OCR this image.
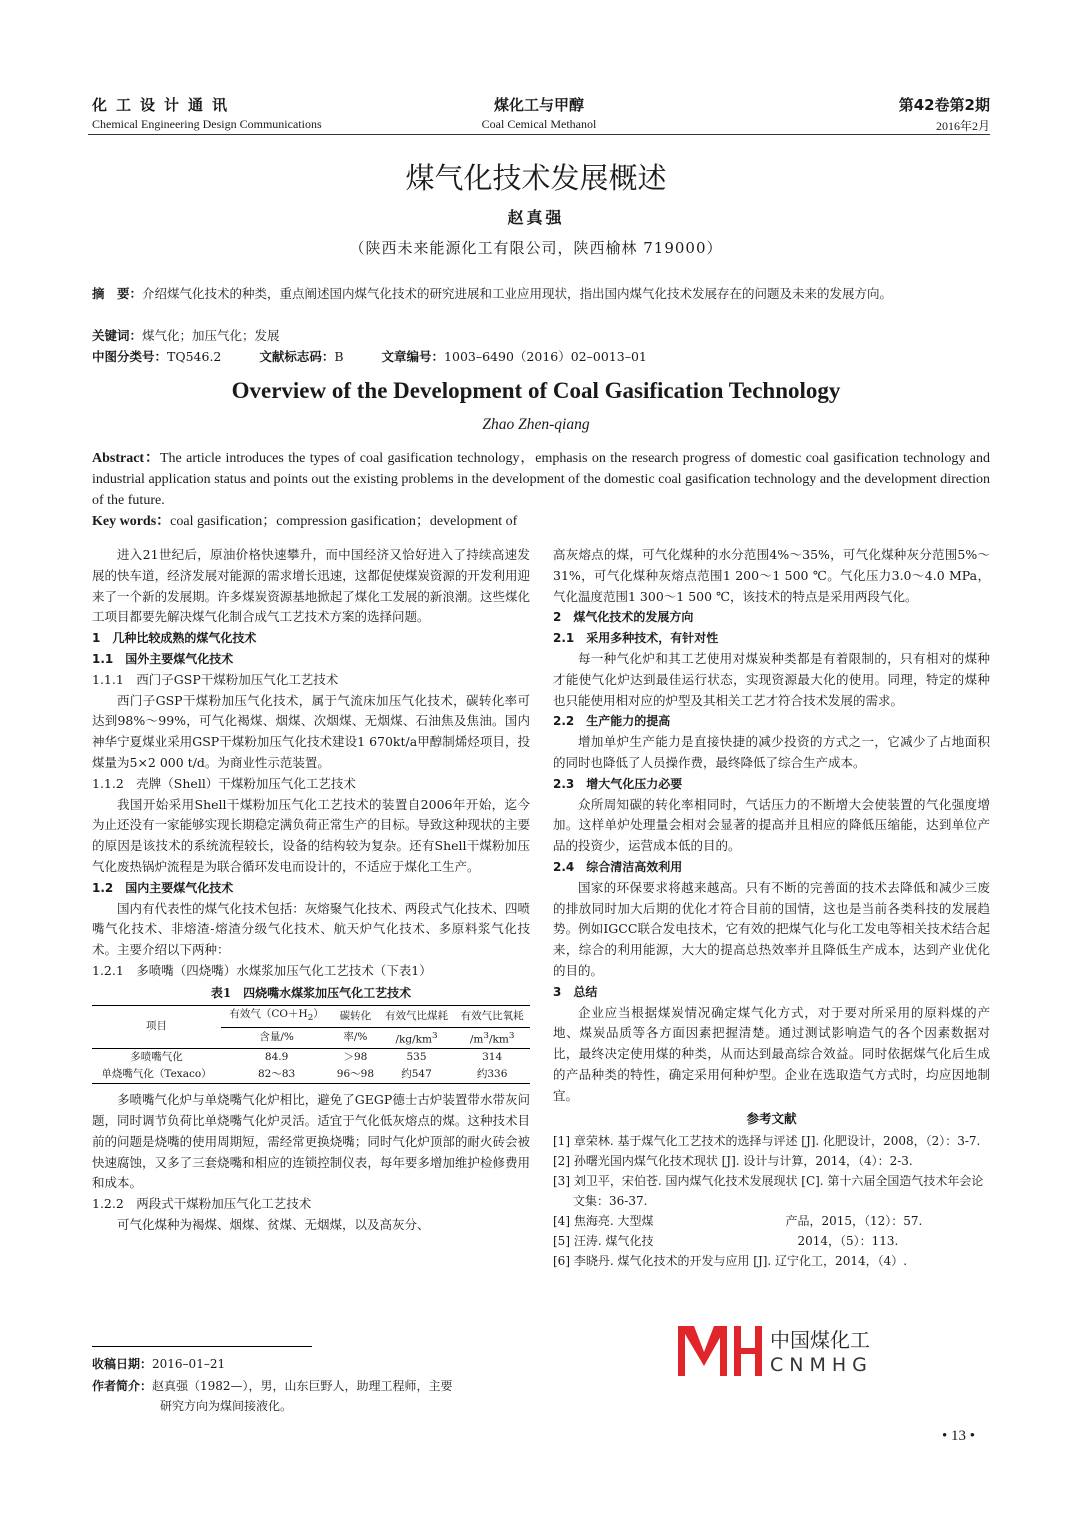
化工设计通讯
Chemical Engineering Design Communications
煤化工与甲醇
Coal Cemical Methanol
第42卷第2期
2016年2月
煤气化技术发展概述
赵真强
（陕西未来能源化工有限公司，陕西榆林 719000）
摘　要：介绍煤气化技术的种类，重点阐述国内煤气化技术的研究进展和工业应用现状，指出国内煤气化技术发展存在的问题及未来的发展方向。
关键词：煤气化；加压气化；发展
中图分类号：TQ546.2	文献标志码：B	文章编号：1003–6490（2016）02–0013–01
Overview of the Development of Coal Gasification Technology
Zhao Zhen-qiang
Abstract：The article introduces the types of coal gasification technology，emphasis on the research progress of domestic coal gasification technology and industrial application status and points out the existing problems in the development of the domestic coal gasification technology and the development direction of the future.
Key words：coal gasification；compression gasification；development of

进入21世纪后，原油价格快速攀升，而中国经济又恰好进入了持续高速发展的快车道，经济发展对能源的需求增长迅速，这都促使煤炭资源的开发利用迎来了一个新的发展期。许多煤炭资源基地掀起了煤化工发展的新浪潮。这些煤化工项目都要先解决煤气化制合成气工艺技术方案的选择问题。

1　几种比较成熟的煤气化技术
1.1　国外主要煤气化技术
1.1.1　西门子GSP干煤粉加压气化工艺技术

西门子GSP干煤粉加压气化技术，属于气流床加压气化技术，碳转化率可达到98%～99%，可气化褐煤、烟煤、次烟煤、无烟煤、石油焦及焦油。国内神华宁夏煤业采用GSP干煤粉加压气化技术建设1 670kt/a甲醇制烯烃项目，投煤量为5×2 000 t/d。为商业性示范装置。

1.1.2　壳牌（Shell）干煤粉加压气化工艺技术

我国开始采用Shell干煤粉加压气化工艺技术的装置自2006年开始，迄今为止还没有一家能够实现长期稳定满负荷正常生产的目标。导致这种现状的主要的原因是该技术的系统流程较长，设备的结构较为复杂。还有Shell干煤粉加压气化废热锅炉流程是为联合循环发电而设计的，不适应于煤化工生产。

1.2　国内主要煤气化技术

国内有代表性的煤气化技术包括：灰熔聚气化技术、两段式气化技术、四喷嘴气化技术、非熔渣-熔渣分级气化技术、航天炉气化技术、多原料浆气化技术。主要介绍以下两种：

1.2.1　多喷嘴（四烧嘴）水煤浆加压气化工艺技术（下表1）
表1　四烧嘴水煤浆加压气化工艺技术
项目	有效气$(CO+H_2)$	碳转化	有效气比煤耗	有效气比氧耗
	含量/%	率/%	$/kg/km^3$	$/m^3/km^3$
多喷嘴气化	84.9	＞98	535	314
单烧嘴气化（Texaco）	82～83	96～98	约547	约336

多喷嘴气化炉与单烧嘴气化炉相比，避免了GEGP德士古炉装置带水带灰问题，同时调节负荷比单烧嘴气化炉灵活。适宜于气化低灰熔点的煤。这种技术目前的问题是烧嘴的使用周期短，需经常更换烧嘴；同时气化炉顶部的耐火砖会被快速腐蚀，又多了三套烧嘴和相应的连锁控制仪表，每年要多增加维护检修费用和成本。

1.2.2　两段式干煤粉加压气化工艺技术

可气化煤种为褐煤、烟煤、贫煤、无烟煤，以及高灰分、

高灰熔点的煤，可气化煤种的水分范围4%～35%，可气化煤种灰分范围5%～31%，可气化煤种灰熔点范围1 200～1 500 ℃。气化压力3.0～4.0 MPa，气化温度范围1 300～1 500 ℃，该技术的特点是采用两段气化。

2　煤气化技术的发展方向
2.1　采用多种技术，有针对性

每一种气化炉和其工艺使用对煤炭种类都是有着限制的，只有相对的煤种才能使气化炉达到最佳运行状态，实现资源最大化的使用。同理，特定的煤种也只能使用相对应的炉型及其相关工艺才符合技术发展的需求。

2.2　生产能力的提高

增加单炉生产能力是直接快捷的减少投资的方式之一，它减少了占地面积的同时也降低了人员操作费，最终降低了综合生产成本。

2.3　增大气化压力必要

众所周知碳的转化率相同时，气话压力的不断增大会使装置的气化强度增加。这样单炉处理量会相对会显著的提高并且相应的降低压缩能，达到单位产品的投资少，运营成本低的目的。

2.4　综合清洁高效利用

国家的环保要求将越来越高。只有不断的完善面的技术去降低和减少三废的排放同时加大后期的优化才符合目前的国情，这也是当前各类科技的发展趋势。例如IGCC联合发电技术，它有效的把煤气化与化工发电等相关技术结合起来，综合的利用能源，大大的提高总热效率并且降低生产成本，达到产业优化的目的。

3　总结

企业应当根据煤炭情况确定煤气化方式，对于要对所采用的原料煤的产地、煤炭品质等各方面因素把握清楚。通过测试影响造气的各个因素数据对比，最终决定使用煤的种类，从而达到最高综合效益。同时依据煤气化后生成的产品种类的特性，确定采用何种炉型。企业在选取造气方式时，均应因地制宜。

参考文献
[1] 章荣林. 基于煤气化工艺技术的选择与评述 [J]. 化肥设计，2008，（2）：3-7.
[2] 孙曙光国内煤气化技术现状 [J]. 设计与计算，2014，（4）：2-3.
[3] 刘卫平，宋伯苍. 国内煤气化技术发展现状 [C]. 第十六届全国造气技术年会论文集：36-37.
[4] 焦海亮. 大型煤　　　　　　　　　　　产品，2015，（12）：57.
[5] 汪涛. 煤气化技　　　　　　　　　　　　2014，（5）：113.
[6] 李晓丹. 煤气化技术的开发与应用 [J]. 辽宁化工，2014，（4）.
中国煤化工
CNMHG
收稿日期：2016–01–21
作者简介：赵真强（1982—），男，山东巨野人，助理工程师，主要
研究方向为煤间接液化。
• 13 •
